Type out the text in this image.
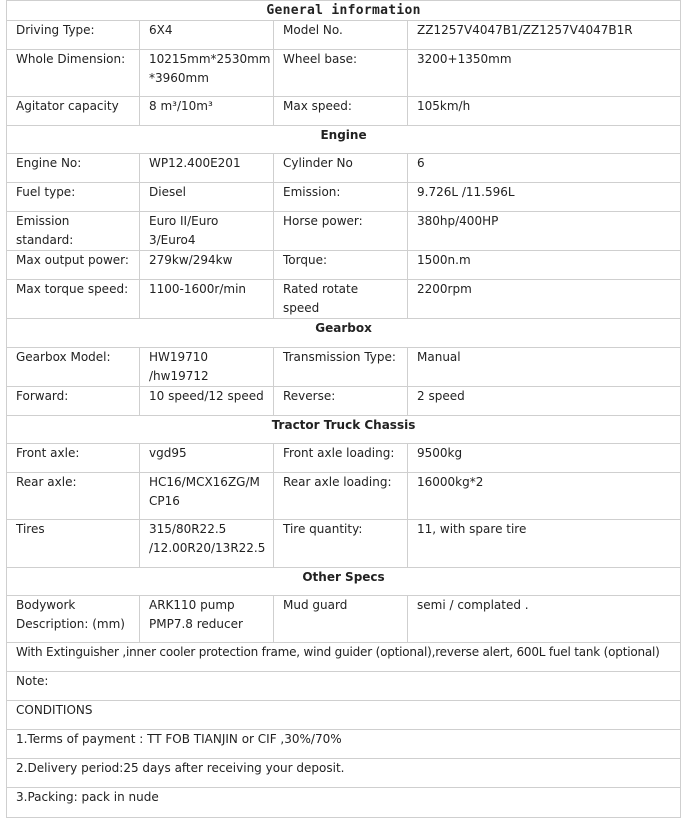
General information			
Driving Type:	6X4	Model No.	ZZ1257V4047B1/ZZ1257V4047B1R
Whole Dimension:	10215mm*2530mm *3960mm	Wheel base:	3200+1350mm
Agitator capacity	8 m³/10m³	Max speed:	105km/h
Engine			
Engine No:	WP12.400E201	Cylinder No	6
Fuel type:	Diesel	Emission:	9.726L /11.596L
Emission standard:	Euro II/Euro 3/Euro4	Horse power:	380hp/400HP
Max output power:	279kw/294kw	Torque:	1500n.m
Max torque speed:	1100-1600r/min	Rated rotate speed	2200rpm
Gearbox			
Gearbox Model:	HW19710 /hw19712	Transmission Type:	Manual
Forward:	10 speed/12 speed	Reverse:	2 speed
Tractor Truck Chassis			
Front axle:	vgd95	Front axle loading:	9500kg
Rear axle:	HC16/MCX16ZG/MCP16	Rear axle loading:	16000kg*2
Tires	315/80R22.5 /12.00R20/13R22.5	Tire quantity:	11, with spare tire
Other Specs			
Bodywork Description: (mm)	ARK110 pump PMP7.8 reducer	Mud guard	semi / complated .
With Extinguisher ,inner cooler protection frame, wind guider (optional),reverse alert, 600L fuel tank (optional)			
Note:			
CONDITIONS			
1.Terms of payment : TT FOB TIANJIN or CIF ,30%/70%			
2.Delivery period:25 days after receiving your deposit.			
3.Packing: pack in nude			
